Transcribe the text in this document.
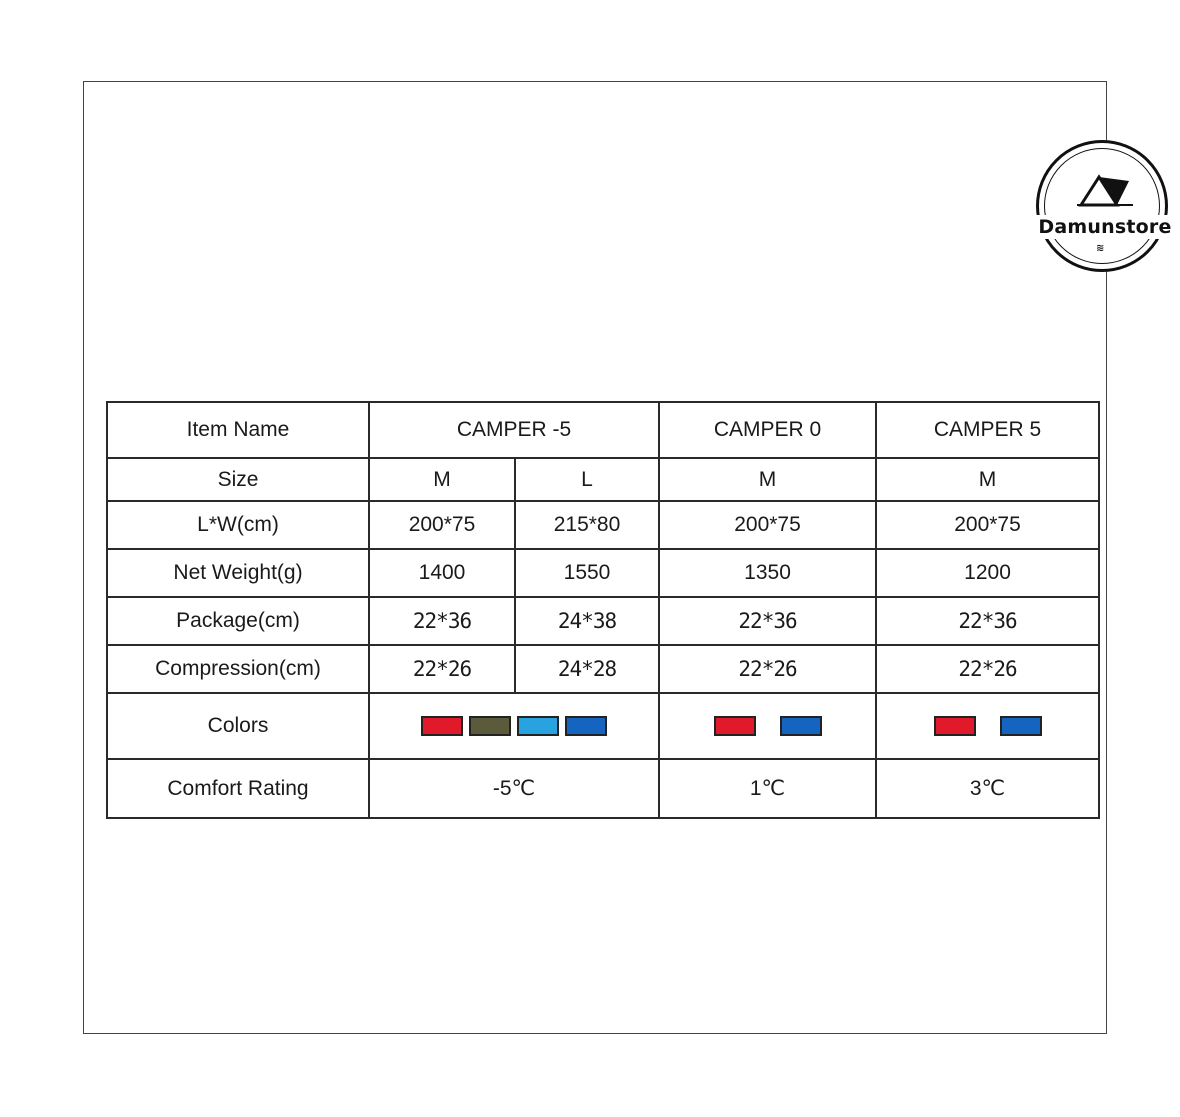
Damunstore
≋
Item Name	CAMPER -5		CAMPER 0	CAMPER 5
Size	M	L	M	M
L*W(cm)	200*75	215*80	200*75	200*75
Net Weight(g)	1400	1550	1350	1200
Package(cm)	22*36	24*38	22*36	22*36
Compression(cm)	22*26	24*28	22*26	22*26
Colors		

Comfort Rating	-5℃		1℃	3℃
